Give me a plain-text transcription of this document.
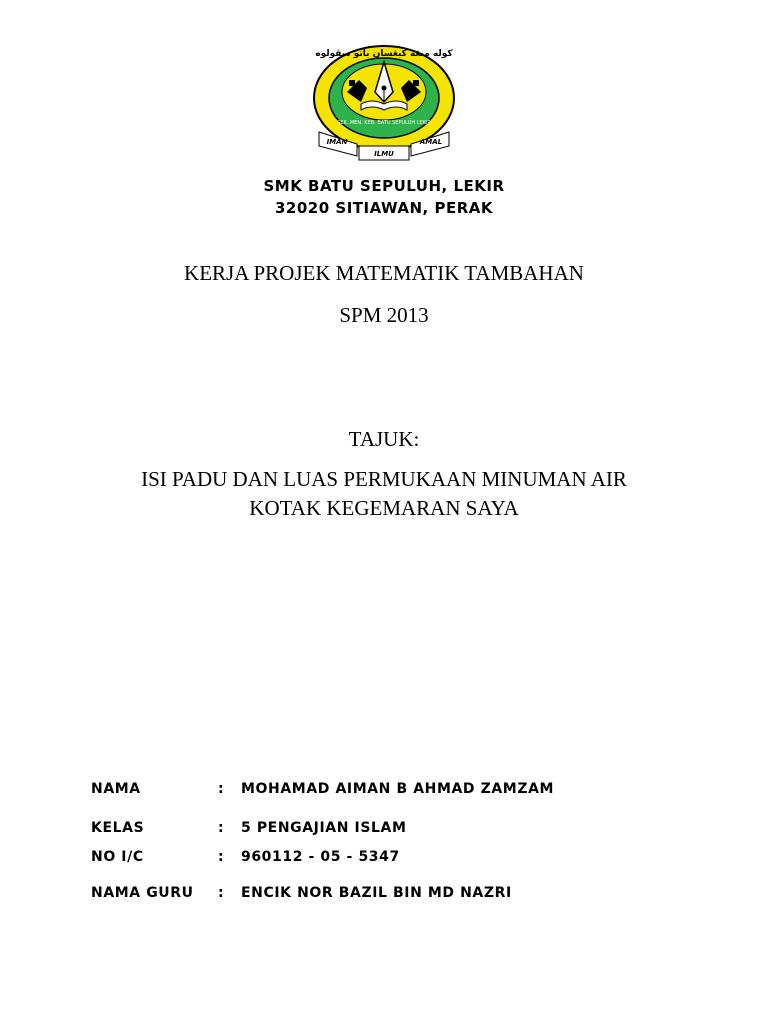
كولە منڠه كبڠسان باتو سڤولوه
SEK. MEN. KEB. BATU SEPULUH LEKIR
IMAN
ILMU
AMAL
SMK BATU SEPULUH, LEKIR
32020 SITIAWAN, PERAK
KERJA PROJEK MATEMATIK TAMBAHAN
SPM 2013
TAJUK:
ISI PADU DAN LUAS PERMUKAAN MINUMAN AIR
KOTAK KEGEMARAN SAYA
NAMA	: MOHAMAD AIMAN B AHMAD ZAMZAM
KELAS	: 5 PENGAJIAN ISLAM
NO I/C	: 960112 - 05 - 5347
NAMA GURU : ENCIK NOR BAZIL BIN MD NAZRI
